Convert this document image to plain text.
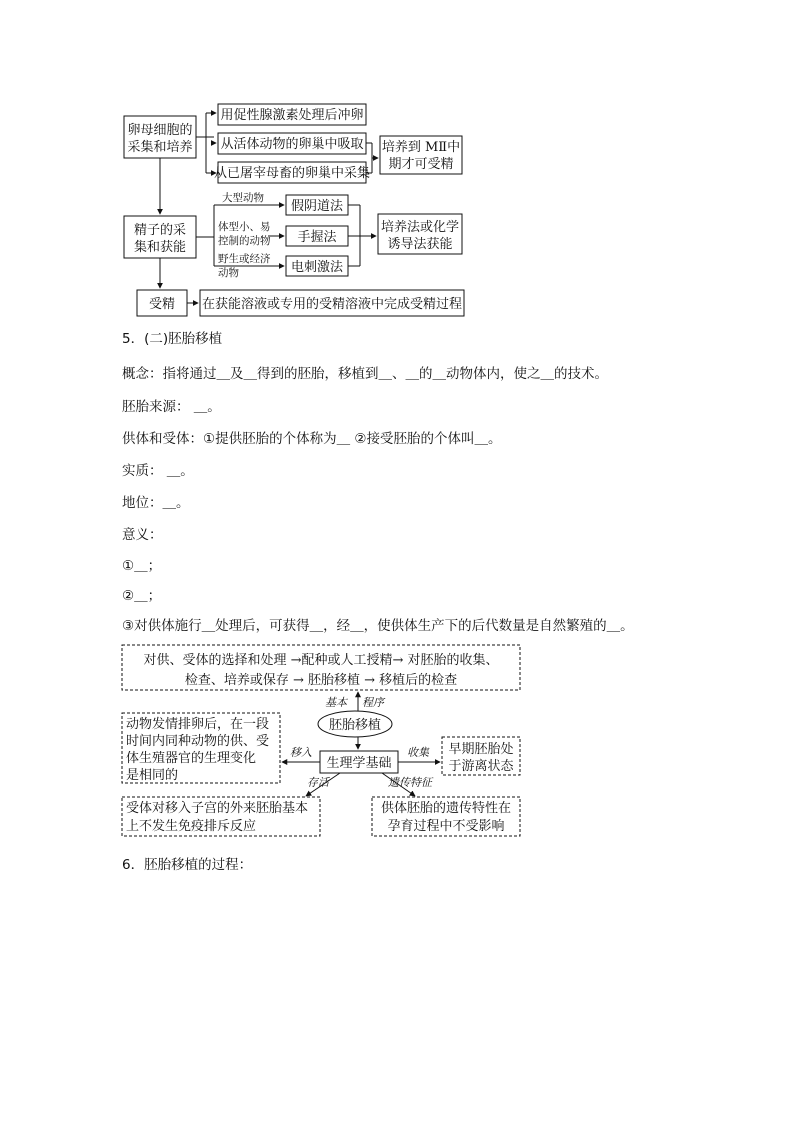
卵母细胞的
采集和培养
用促性腺激素处理后冲卵
从活体动物的卵巢中吸取
从已屠宰母畜的卵巢中采集
培养到 MⅡ中
期才可受精
精子的采
集和获能
假阴道法
手握法
电刺激法
培养法或化学
诱导法获能
受精 在获能溶液或专用的受精溶液中完成受精过程
大型动物
体型小、易
控制的动物
野生或经济
动物
对供、受体的选择和处理 →配种或人工授精→ 对胚胎的收集、
检查、培养或保存 → 胚胎移植 → 移植后的检查
胚胎移植
生理学基础
动物发情排卵后，在一段
时间内同种动物的供、受
体生殖器官的生理变化
是相同的
早期胚胎处
于游离状态
受体对移入子宫的外来胚胎基本
上不发生免疫排斥反应
供体胚胎的遗传特性在
孕育过程中不受影响
基本 程序
移入	收集
存活	遗传特征
5．(二)胚胎移植
概念：指将通过＿及＿得到的胚胎，移植到＿、＿的＿动物体内，使之＿的技术。
胚胎来源： ＿。
供体和受体：①提供胚胎的个体称为＿ ②接受胚胎的个体叫＿。
实质： ＿。
地位：＿。
意义：
①＿；
②＿；
③对供体施行＿处理后，可获得＿，经＿，使供体生产下的后代数量是自然繁殖的＿。
6．胚胎移植的过程：
